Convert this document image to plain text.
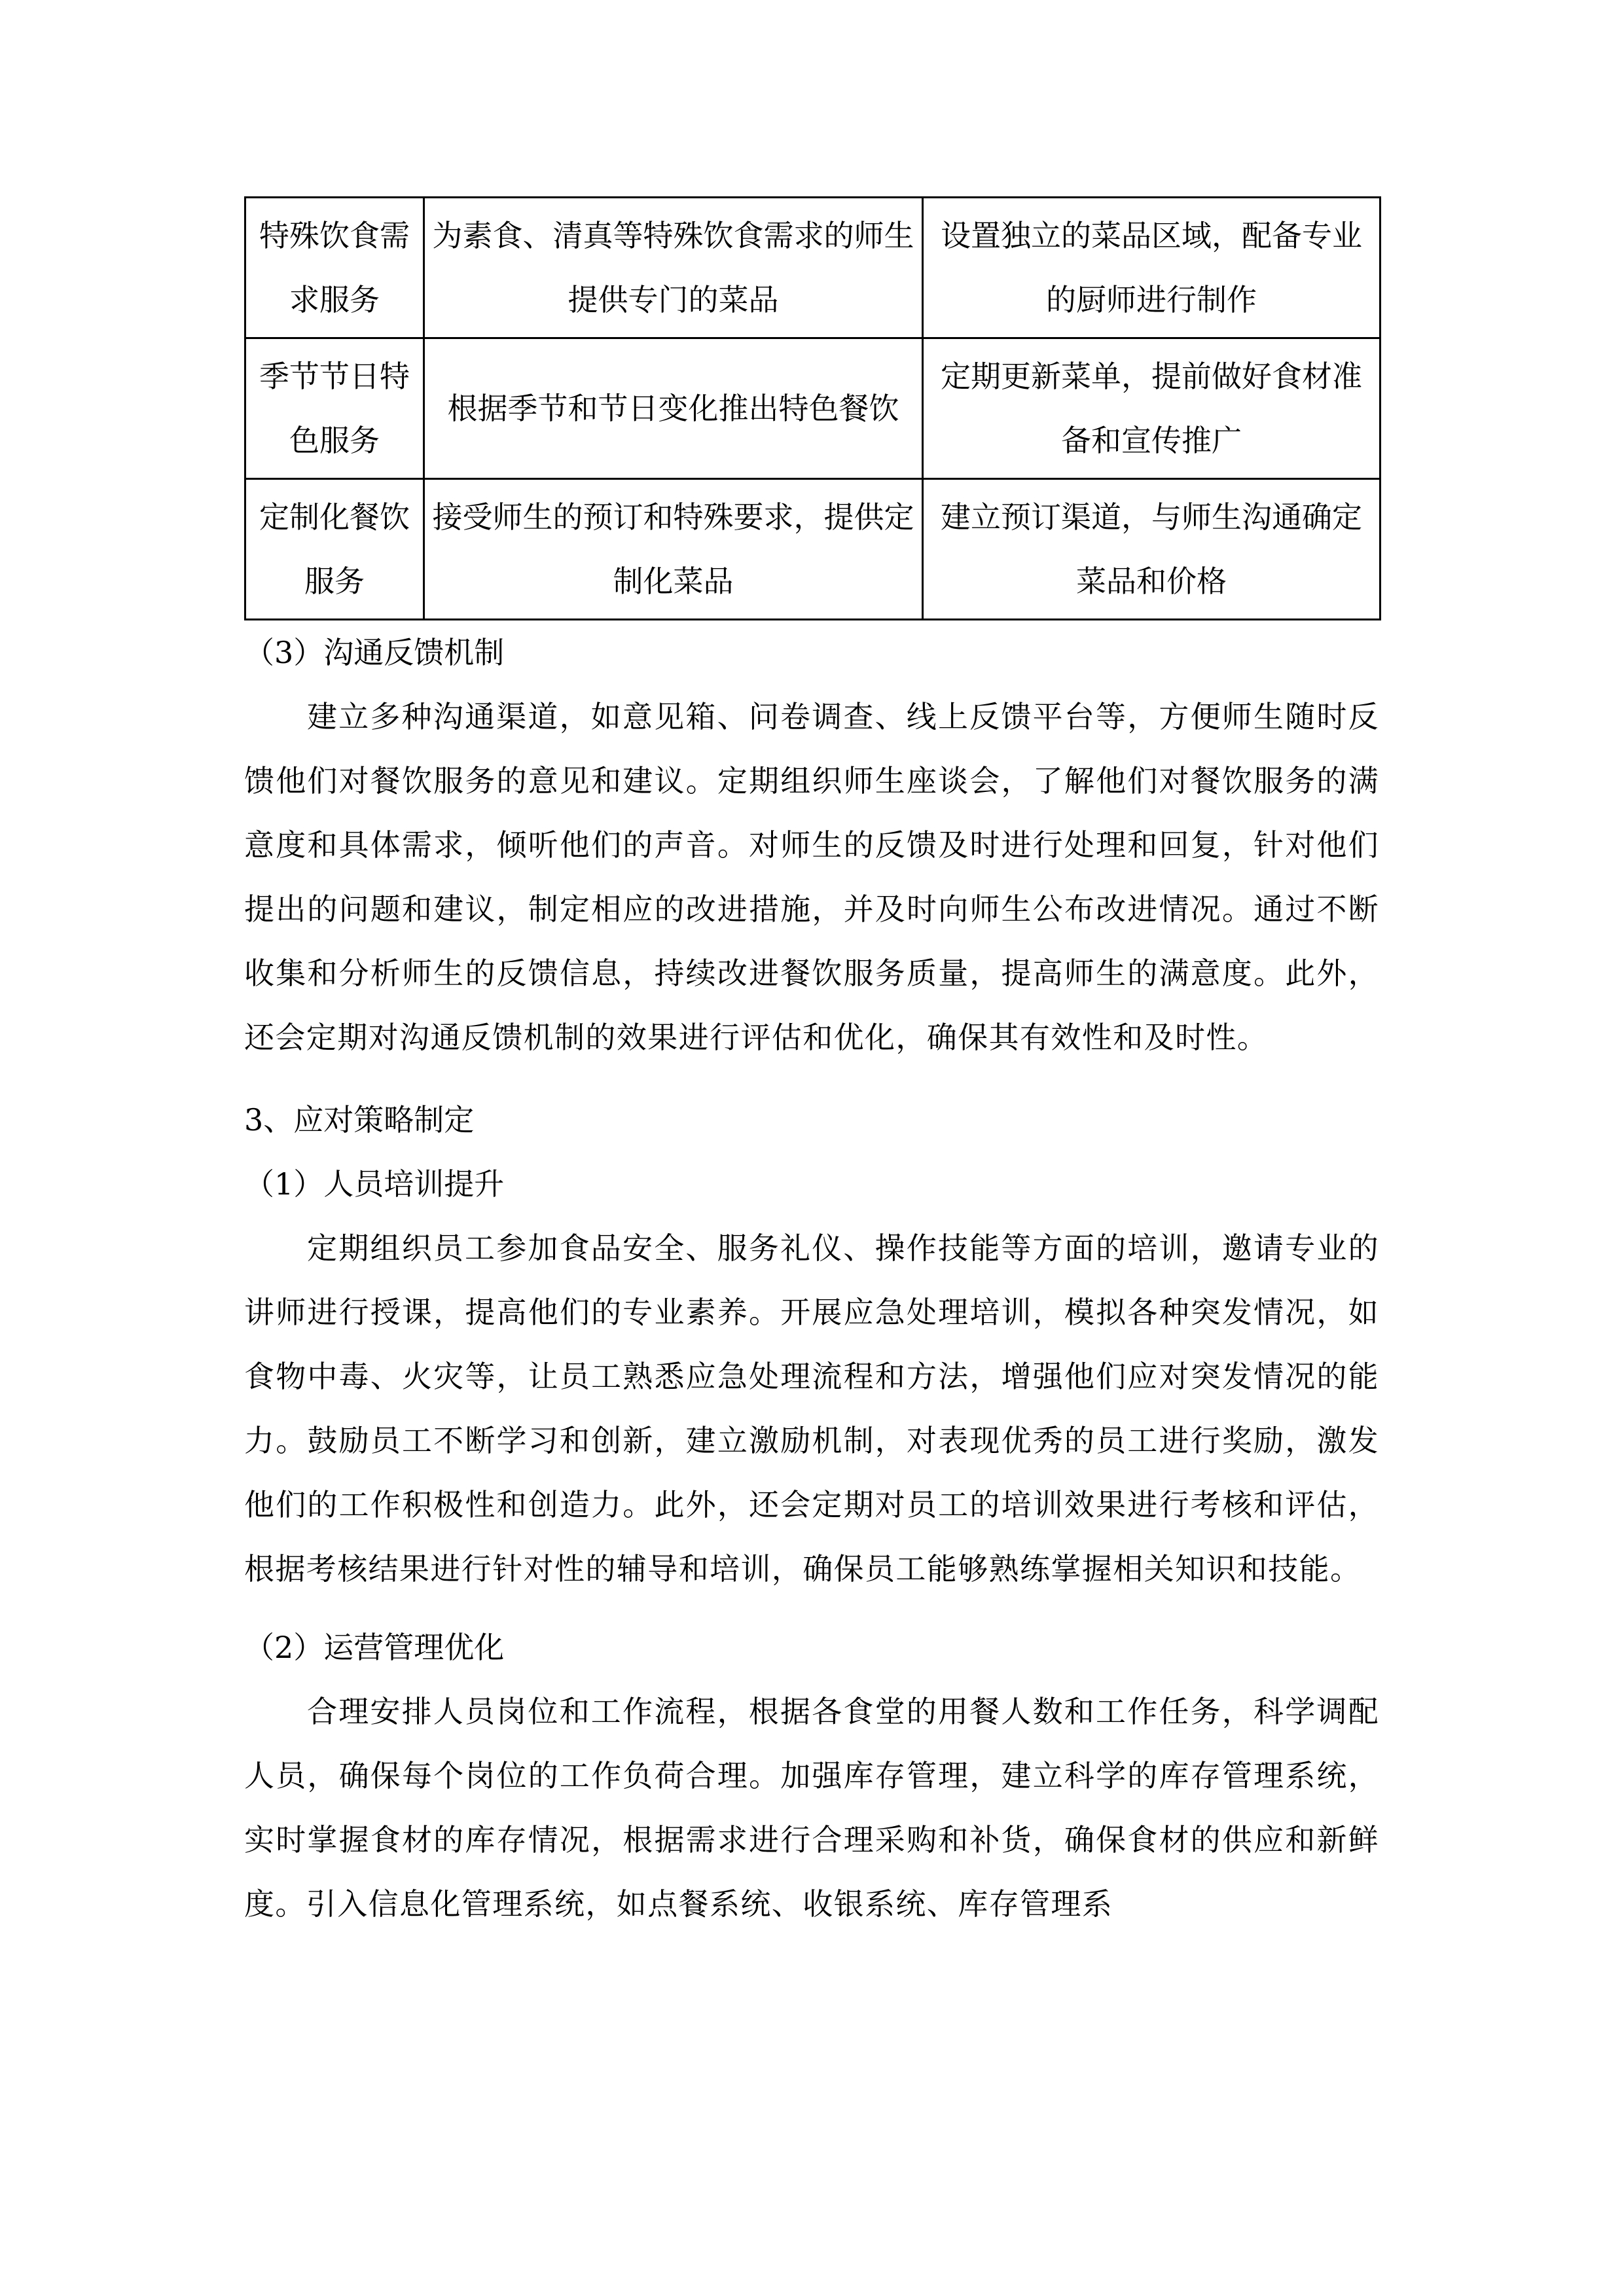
特殊饮食需求服务	为素食、清真等特殊饮食需求的师生提供专门的菜品	设置独立的菜品区域，配备专业的厨师进行制作
季节节日特色服务	根据季节和节日变化推出特色餐饮	定期更新菜单，提前做好食材准备和宣传推广
定制化餐饮服务	接受师生的预订和特殊要求，提供定制化菜品	建立预订渠道，与师生沟通确定菜品和价格

（3）沟通反馈机制

建立多种沟通渠道，如意见箱、问卷调查、线上反馈平台等，方便师生随时反馈他们对餐饮服务的意见和建议。定期组织师生座谈会，了解他们对餐饮服务的满意度和具体需求，倾听他们的声音。对师生的反馈及时进行处理和回复，针对他们提出的问题和建议，制定相应的改进措施，并及时向师生公布改进情况。通过不断收集和分析师生的反馈信息，持续改进餐饮服务质量，提高师生的满意度。此外，还会定期对沟通反馈机制的效果进行评估和优化，确保其有效性和及时性。

3、应对策略制定

（1）人员培训提升

定期组织员工参加食品安全、服务礼仪、操作技能等方面的培训，邀请专业的讲师进行授课，提高他们的专业素养。开展应急处理培训，模拟各种突发情况，如食物中毒、火灾等，让员工熟悉应急处理流程和方法，增强他们应对突发情况的能力。鼓励员工不断学习和创新，建立激励机制，对表现优秀的员工进行奖励，激发他们的工作积极性和创造力。此外，还会定期对员工的培训效果进行考核和评估，根据考核结果进行针对性的辅导和培训，确保员工能够熟练掌握相关知识和技能。

（2）运营管理优化

合理安排人员岗位和工作流程，根据各食堂的用餐人数和工作任务，科学调配人员，确保每个岗位的工作负荷合理。加强库存管理，建立科学的库存管理系统，实时掌握食材的库存情况，根据需求进行合理采购和补货，确保食材的供应和新鲜度。引入信息化管理系统，如点餐系统、收银系统、库存管理系
